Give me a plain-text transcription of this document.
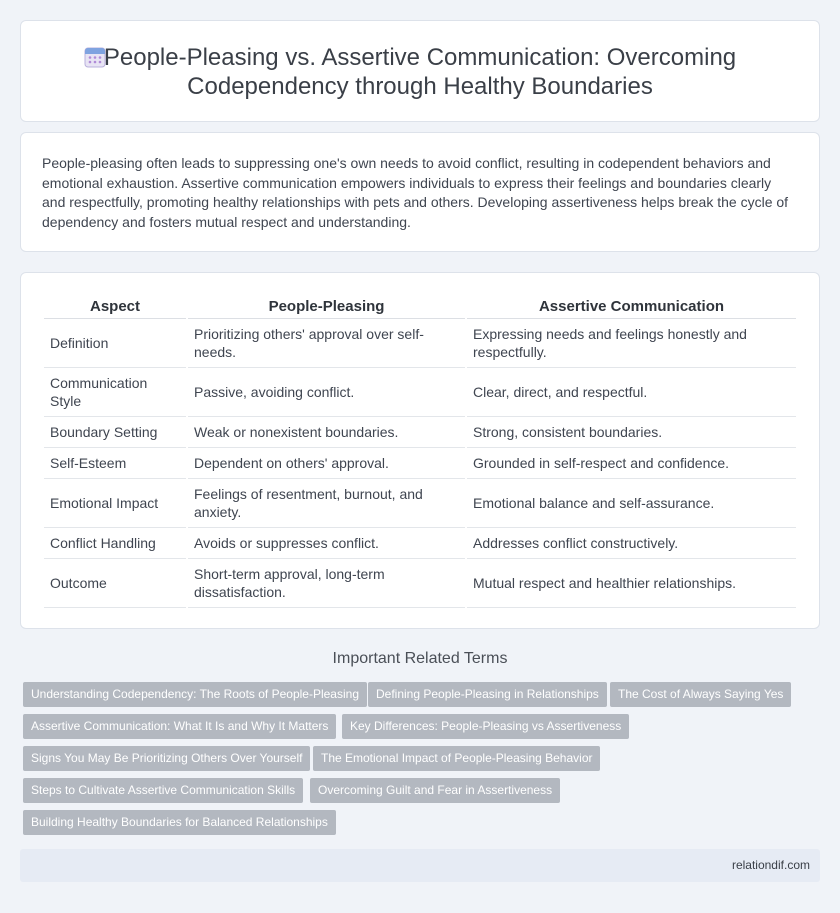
People-Pleasing vs. Assertive Communication: Overcoming Codependency through Healthy Boundaries

People-pleasing often leads to suppressing one's own needs to avoid conflict, resulting in codependent behaviors and emotional exhaustion. Assertive communication empowers individuals to express their feelings and boundaries clearly and respectfully, promoting healthy relationships with pets and others. Developing assertiveness helps break the cycle of dependency and fosters mutual respect and understanding.

Aspect	People-Pleasing	Assertive Communication
Definition	Prioritizing others' approval over self-needs.	Expressing needs and feelings honestly and respectfully.
Communication Style	Passive, avoiding conflict.	Clear, direct, and respectful.
Boundary Setting	Weak or nonexistent boundaries.	Strong, consistent boundaries.
Self-Esteem	Dependent on others' approval.	Grounded in self-respect and confidence.
Emotional Impact	Feelings of resentment, burnout, and anxiety.	Emotional balance and self-assurance.
Conflict Handling	Avoids or suppresses conflict.	Addresses conflict constructively.
Outcome	Short-term approval, long-term dissatisfaction.	Mutual respect and healthier relationships.
Important Related Terms
Understanding Codependency: The Roots of People-Pleasing	Defining People-Pleasing in Relationships	The Cost of Always Saying Yes
Assertive Communication: What It Is and Why It Matters	Key Differences: People-Pleasing vs Assertiveness
Signs You May Be Prioritizing Others Over Yourself	The Emotional Impact of People-Pleasing Behavior
Steps to Cultivate Assertive Communication Skills	Overcoming Guilt and Fear in Assertiveness
Building Healthy Boundaries for Balanced Relationships
relationdif.com
